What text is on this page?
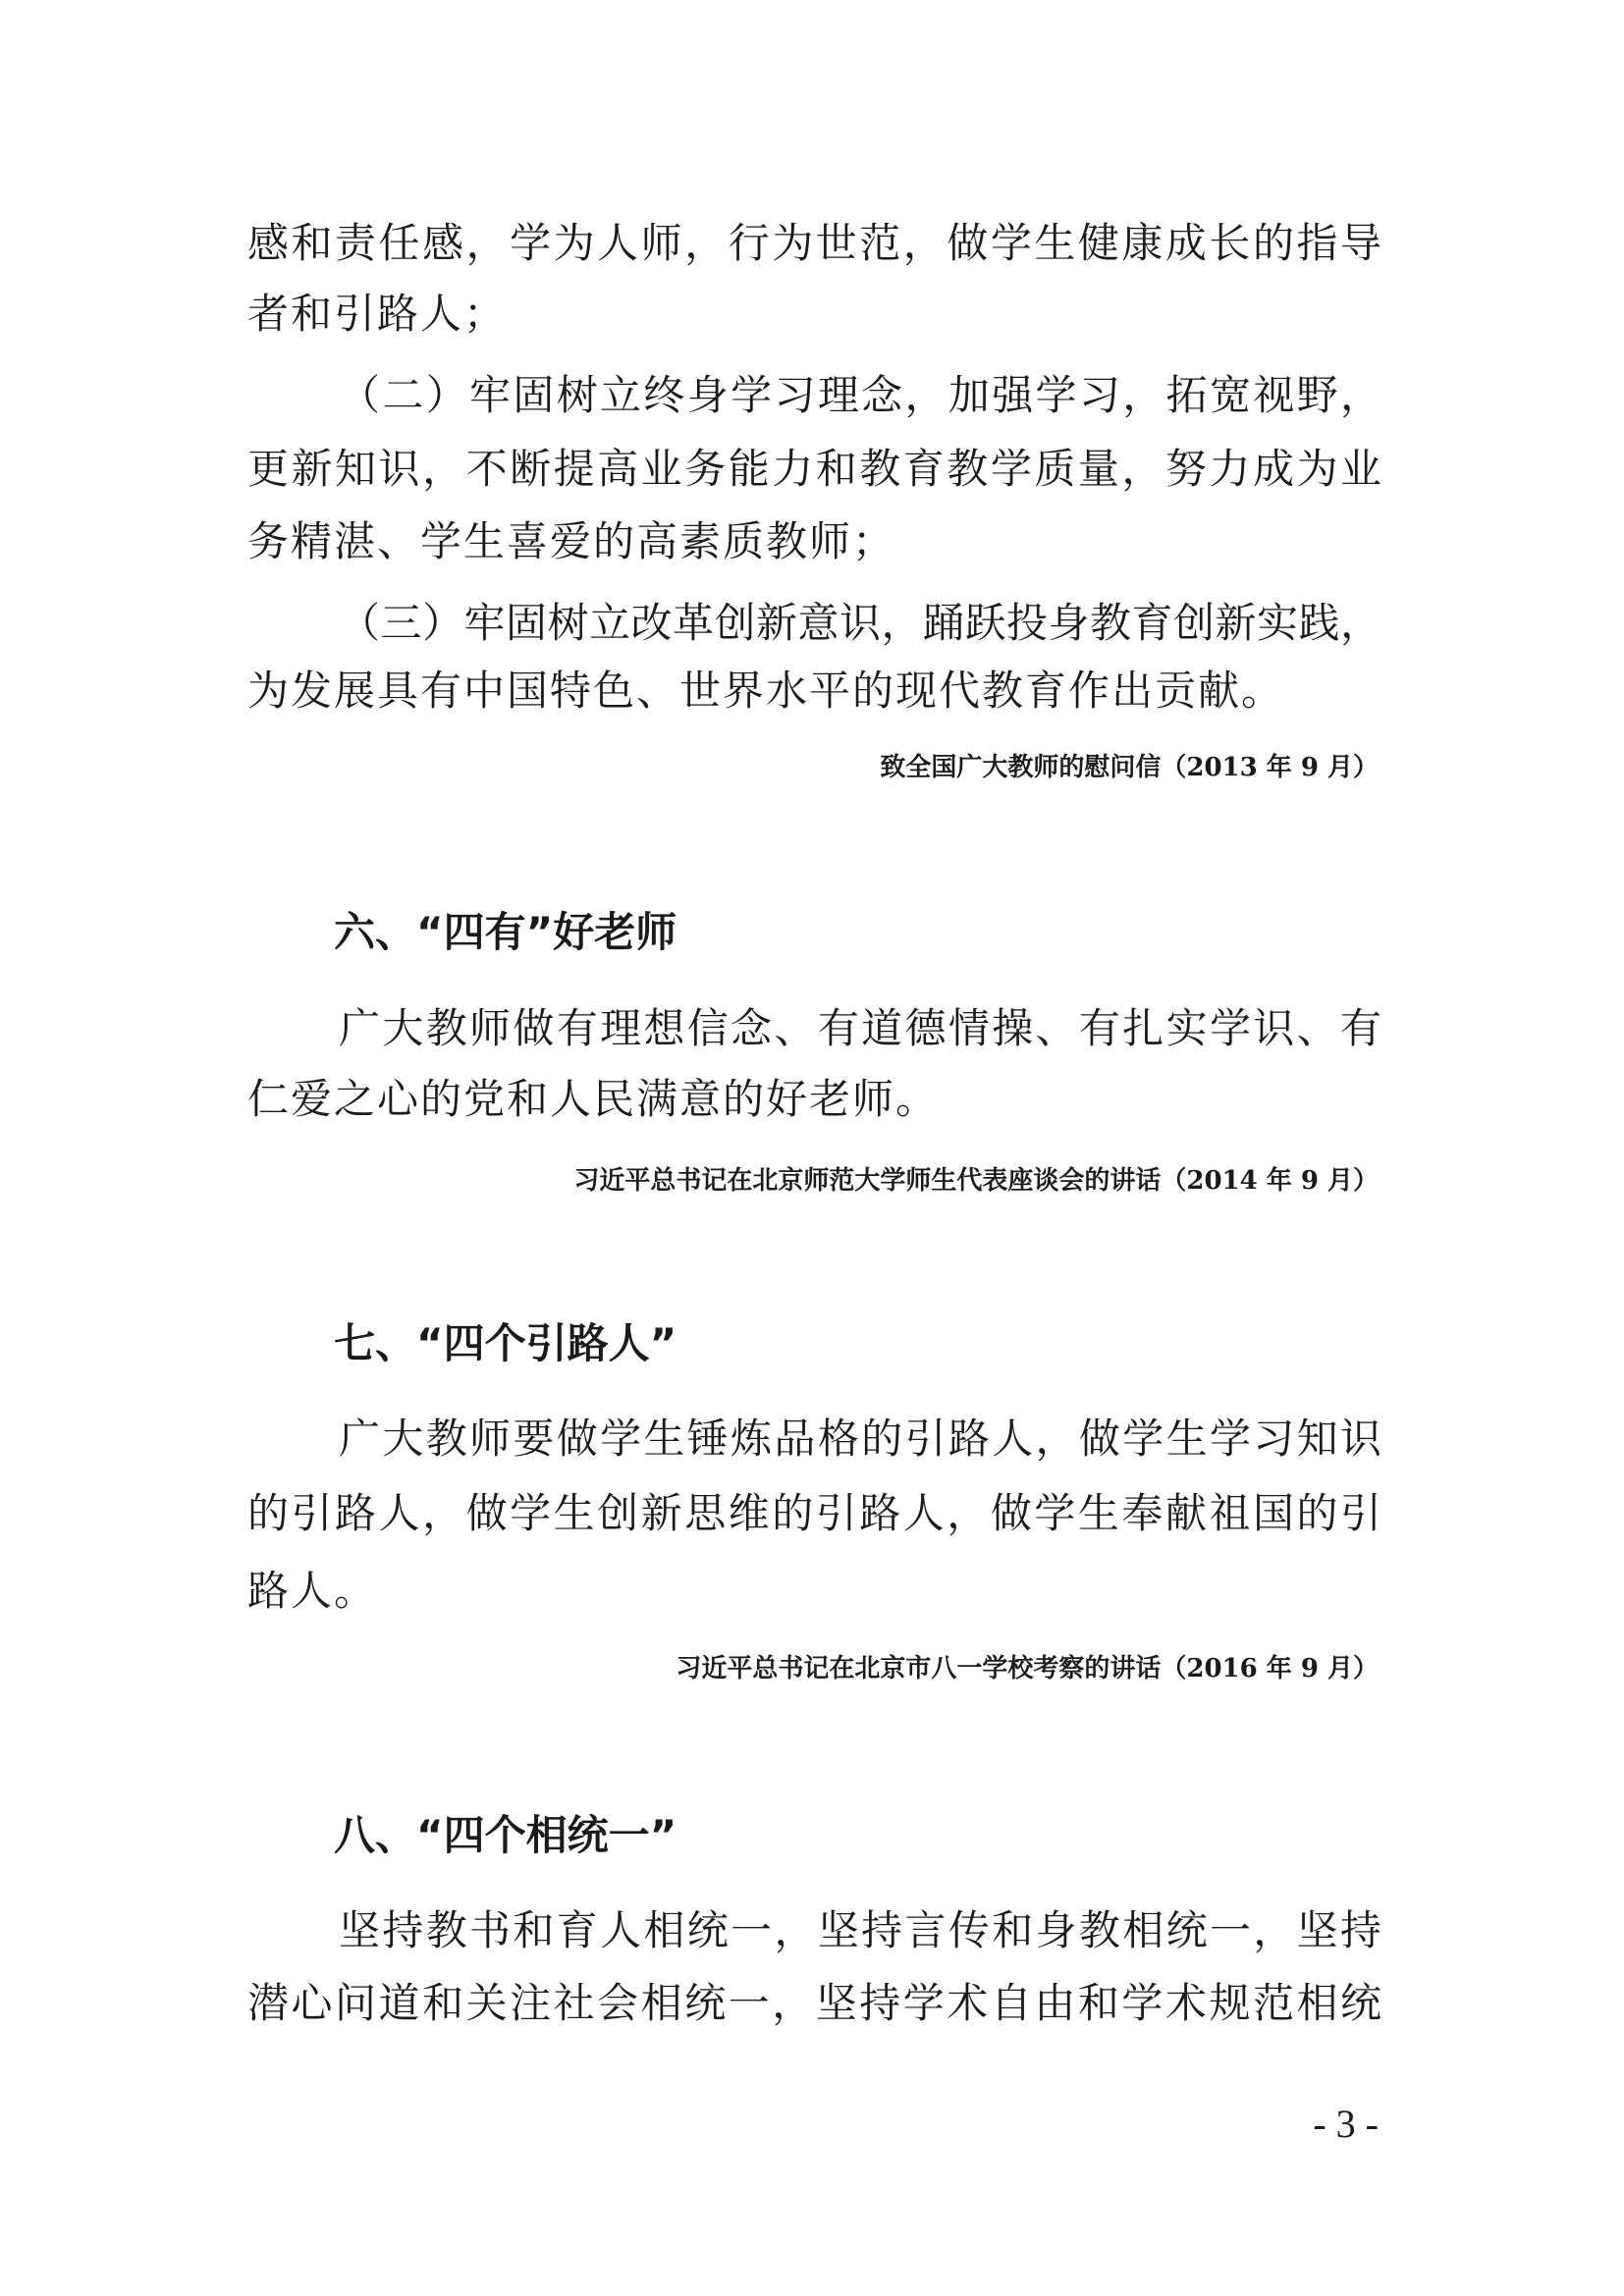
感和责任感，学为人师，行为世范，做学生健康成长的指导
者和引路人；
（二）牢固树立终身学习理念，加强学习，拓宽视野，
更新知识，不断提高业务能力和教育教学质量，努力成为业
务精湛、学生喜爱的高素质教师；
（三）牢固树立改革创新意识，踊跃投身教育创新实践，
为发展具有中国特色、世界水平的现代教育作出贡献。
致全国广大教师的慰问信（2013 年 9 月）
六、“四有”好老师
广大教师做有理想信念、有道德情操、有扎实学识、有
仁爱之心的党和人民满意的好老师。
习近平总书记在北京师范大学师生代表座谈会的讲话（2014 年 9 月）
七、“四个引路人”
广大教师要做学生锤炼品格的引路人，做学生学习知识
的引路人，做学生创新思维的引路人，做学生奉献祖国的引
路人。
习近平总书记在北京市八一学校考察的讲话（2016 年 9 月）
八、“四个相统一”
坚持教书和育人相统一，坚持言传和身教相统一，坚持
潜心问道和关注社会相统一，坚持学术自由和学术规范相统
- 3 -
